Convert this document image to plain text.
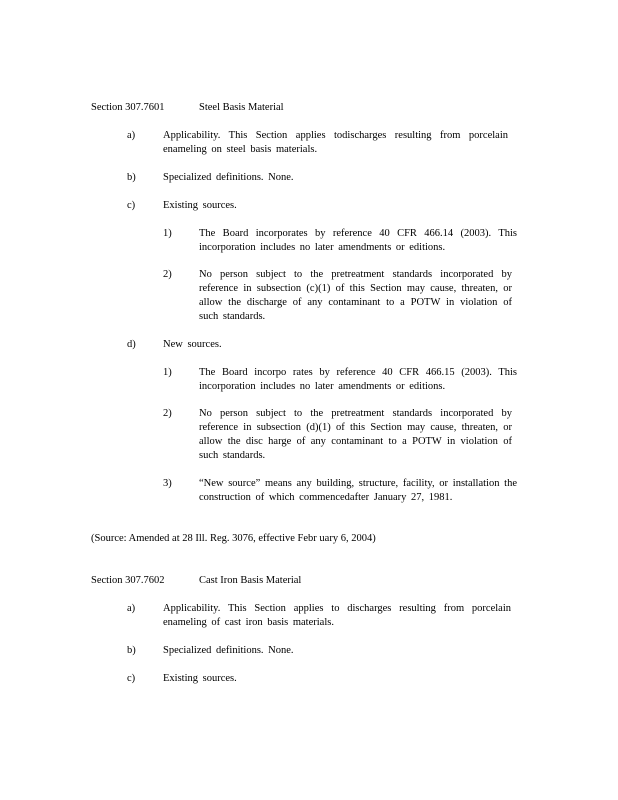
Section 307.7601	Steel Basis Material
a)	Applicability. This Section applies todischarges resulting from porcelain enameling on steel basis materials.
b)	Specialized definitions. None.
c)	Existing sources.
1)	The Board incorporates by reference 40 CFR 466.14 (2003). This incorporation includes no later amendments or editions.
2)	No person subject to the pretreatment standards incorporated by reference in subsection (c)(1) of this Section may cause, threaten, or allow the discharge of any contaminant to a POTW in violation of such standards.
d)	New sources.
1)	The Board incorpo rates by reference 40 CFR 466.15 (2003). This incorporation includes no later amendments or editions.
2)	No person subject to the pretreatment standards incorporated by reference in subsection (d)(1) of this Section may cause, threaten, or allow the disc harge of any contaminant to a POTW in violation of such standards.
3)	“New source” means any building, structure, facility, or installation the construction of which commencedafter January 27, 1981.
(Source: Amended at 28 Ill. Reg. 3076, effective Febr uary 6, 2004)
Section 307.7602	Cast Iron Basis Material
a)	Applicability. This Section applies to discharges resulting from porcelain enameling of cast iron basis materials.
b)	Specialized definitions. None.
c)	Existing sources.
